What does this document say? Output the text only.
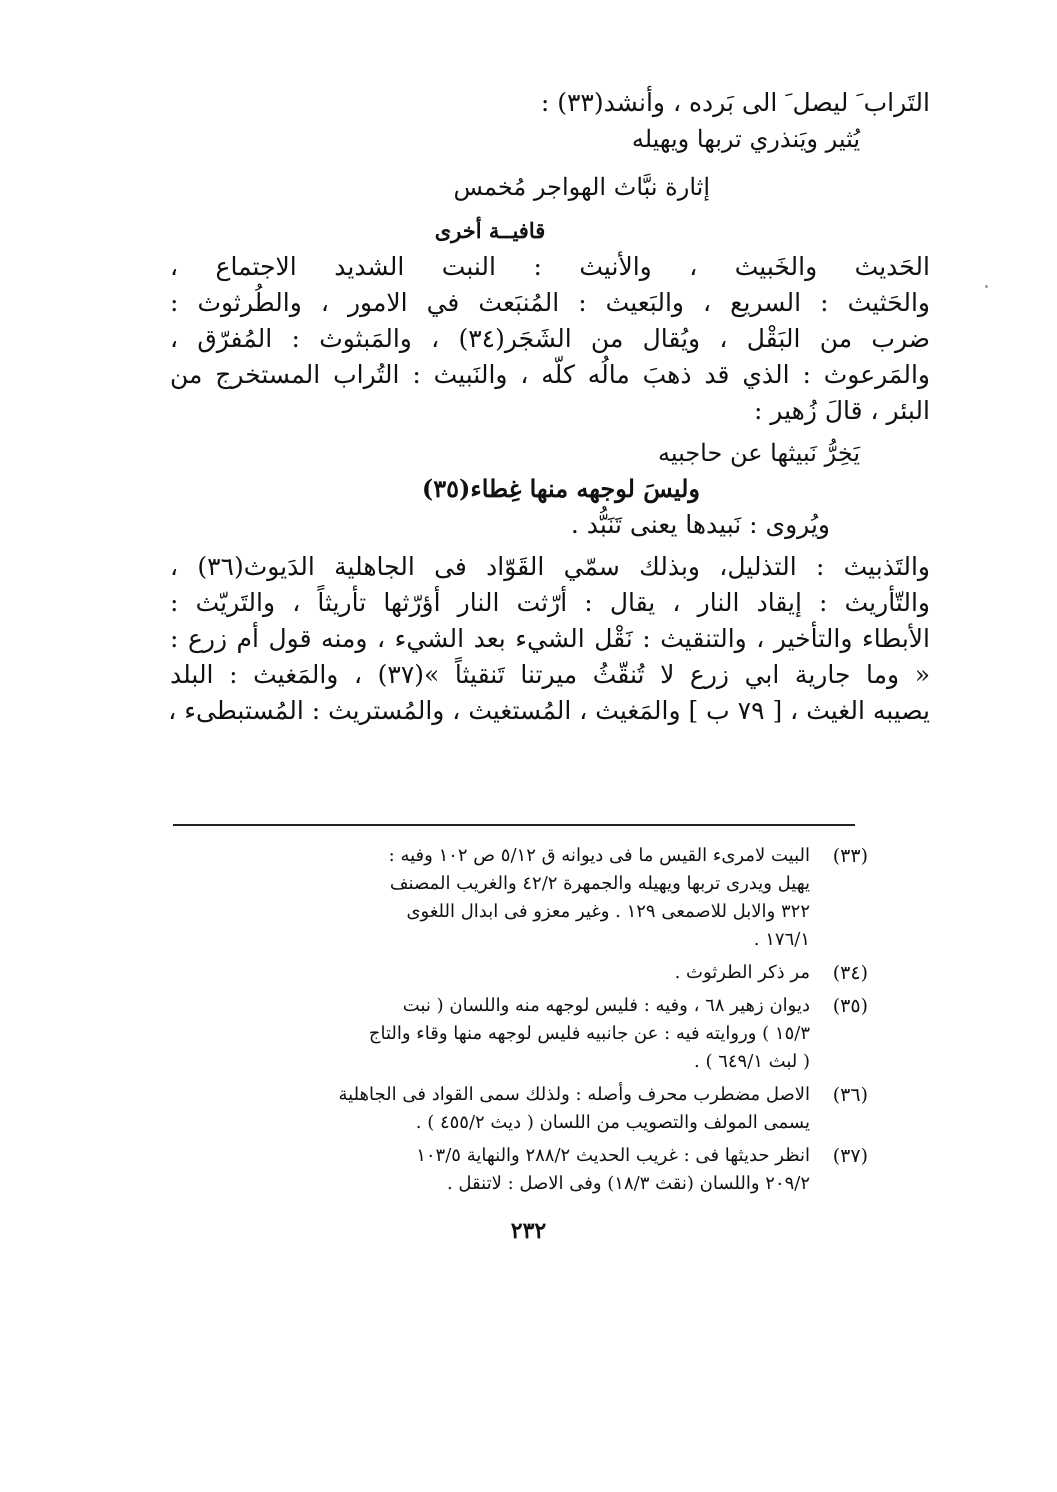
التَراب َ ليصل َ الى بَرده ، وأنشد(٣٣) :
يُثير ويَنذري تربها ويهيله
إثارة نبَّاث الهواجر مُخمس
قافيــة أخرى
الحَديث والخَبيث ، والأنيث : النبت الشديد الاجتماع ،
والحَثيث : السريع ، والبَعيث : المُنبَعث في الامور ، والطُرثوث :
ضرب من البَقْل ، ويُقال من الشَجَر(٣٤) ، والمَبثوث : المُفرّق ،
والمَرعوث : الذي قد ذهبَ مالُه كلّه ، والنَبيث : التُراب المستخرج من
البئر ، قالَ زُهير :
يَخِرُّ نَبيثها عن حاجبيه
وليسَ لوجهه منها غِطاء(٣٥)
ويُروى : نَبيدها يعنى تَنَبُّد .
والتَذبيث : التذليل، وبذلك سمّي القَوّاد فى الجاهلية الدَيوث(٣٦) ،
والتّأريث : إيقاد النار ، يقال : أرّثت النار أؤرّثها تأريثاً ، والتَريّث :
الأبطاء والتأخير ، والتنقيث : نَقْل الشيء بعد الشيء ، ومنه قول أم زرع :
« وما جارية ابي زرع لا تُنقّثُ ميرتنا تَنقيثاً »(٣٧) ، والمَغيث : البلد
يصيبه الغيث ، [ ٧٩ ب ] والمَغيث ، المُستغيث ، والمُستريث : المُستبطىء ،
(٣٣)
البيت لامرىء القيس ما فى ديوانه ق ٥/١٢ ص ١٠٢ وفيه :
يهيل ويدرى تربها ويهيله والجمهرة ٤٢/٢ والغريب المصنف
٣٢٢ والابل للاصمعى ١٢٩ . وغير معزو فى ابدال اللغوى
١٧٦/١ .
(٣٤)
مر ذكر الطرثوث .
(٣٥)
ديوان زهير ٦٨ ، وفيه : فليس لوجهه منه واللسان ( نبت
١٥/٣ ) وروايته فيه : عن جانبيه فليس لوجهه منها وقاء والتاج
( لبث ٦٤٩/١ ) .
(٣٦)
الاصل مضطرب محرف وأصله : ولذلك سمى القواد فى الجاهلية
يسمى المولف والتصويب من اللسان ( ديث ٤٥٥/٢ ) .
(٣٧)
انظر حديثها فى : غريب الحديث ٢٨٨/٢ والنهاية ١٠٣/٥
٢٠٩/٢ واللسان (نقث ١٨/٣) وفى الاصل : لاتنقل .
٢٣٢
